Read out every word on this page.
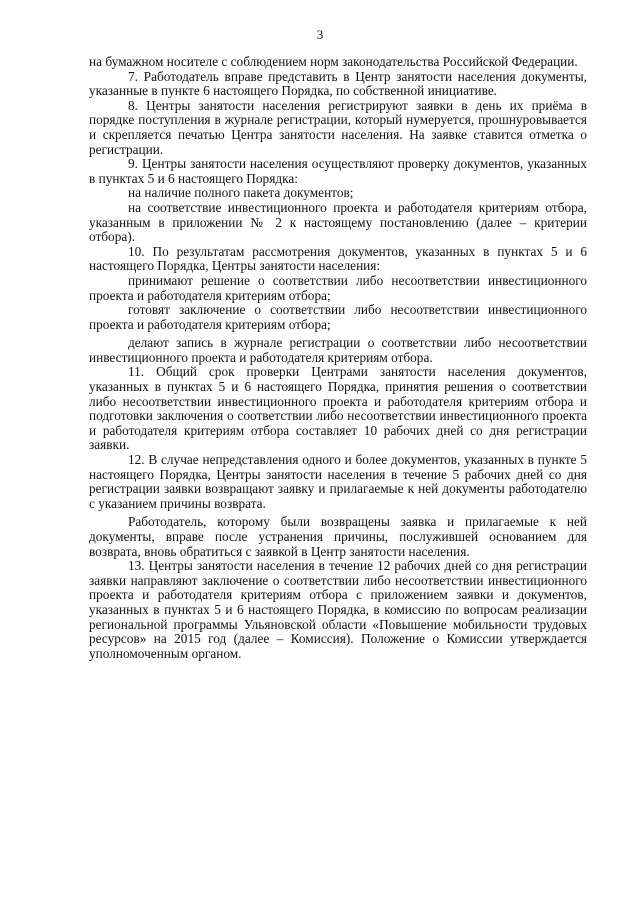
3

на бумажном носителе с соблюдением норм законодательства Российской Федерации.

7. Работодатель вправе представить в Центр занятости населения документы, указанные в пункте 6 настоящего Порядка, по собственной инициативе.

8. Центры занятости населения регистрируют заявки в день их приёма в порядке поступления в журнале регистрации, который нумеруется, прошнуровывается и скрепляется печатью Центра занятости населения. На заявке ставится отметка о регистрации.

9. Центры занятости населения осуществляют проверку документов, указанных в пунктах 5 и 6 настоящего Порядка:

на наличие полного пакета документов;

на соответствие инвестиционного проекта и работодателя критериям отбора, указанным в приложении № 2 к настоящему постановлению (далее – критерии отбора).

10. По результатам рассмотрения документов, указанных в пунктах 5 и 6 настоящего Порядка, Центры занятости населения:

принимают решение о соответствии либо несоответствии инвестиционного проекта и работодателя критериям отбора;

готовят заключение о соответствии либо несоответствии инвестиционного проекта и работодателя критериям отбора;

делают запись в журнале регистрации о соответствии либо несоответствии инвестиционного проекта и работодателя критериям отбора.

11. Общий срок проверки Центрами занятости населения документов, указанных в пунктах 5 и 6 настоящего Порядка, принятия решения о соответствии либо несоответствии инвестиционного проекта и работодателя критериям отбора и подготовки заключения о соответствии либо несоответствии инвестиционного проекта и работодателя критериям отбора составляет 10 рабочих дней со дня регистрации заявки.

12. В случае непредставления одного и более документов, указанных в пункте 5 настоящего Порядка, Центры занятости населения в течение 5 рабочих дней со дня регистрации заявки возвращают заявку и прилагаемые к ней документы работодателю с указанием причины возврата.

Работодатель, которому были возвращены заявка и прилагаемые к ней документы, вправе после устранения причины, послужившей основанием для возврата, вновь обратиться с заявкой в Центр занятости населения.

13. Центры занятости населения в течение 12 рабочих дней со дня регистрации заявки направляют заключение о соответствии либо несоответствии инвестиционного проекта и работодателя критериям отбора с приложением заявки и документов, указанных в пунктах 5 и 6 настоящего Порядка, в комиссию по вопросам реализации региональной программы Ульяновской области «Повышение мобильности трудовых ресурсов» на 2015 год (далее – Комиссия). Положение о Комиссии утверждается уполномоченным органом.
